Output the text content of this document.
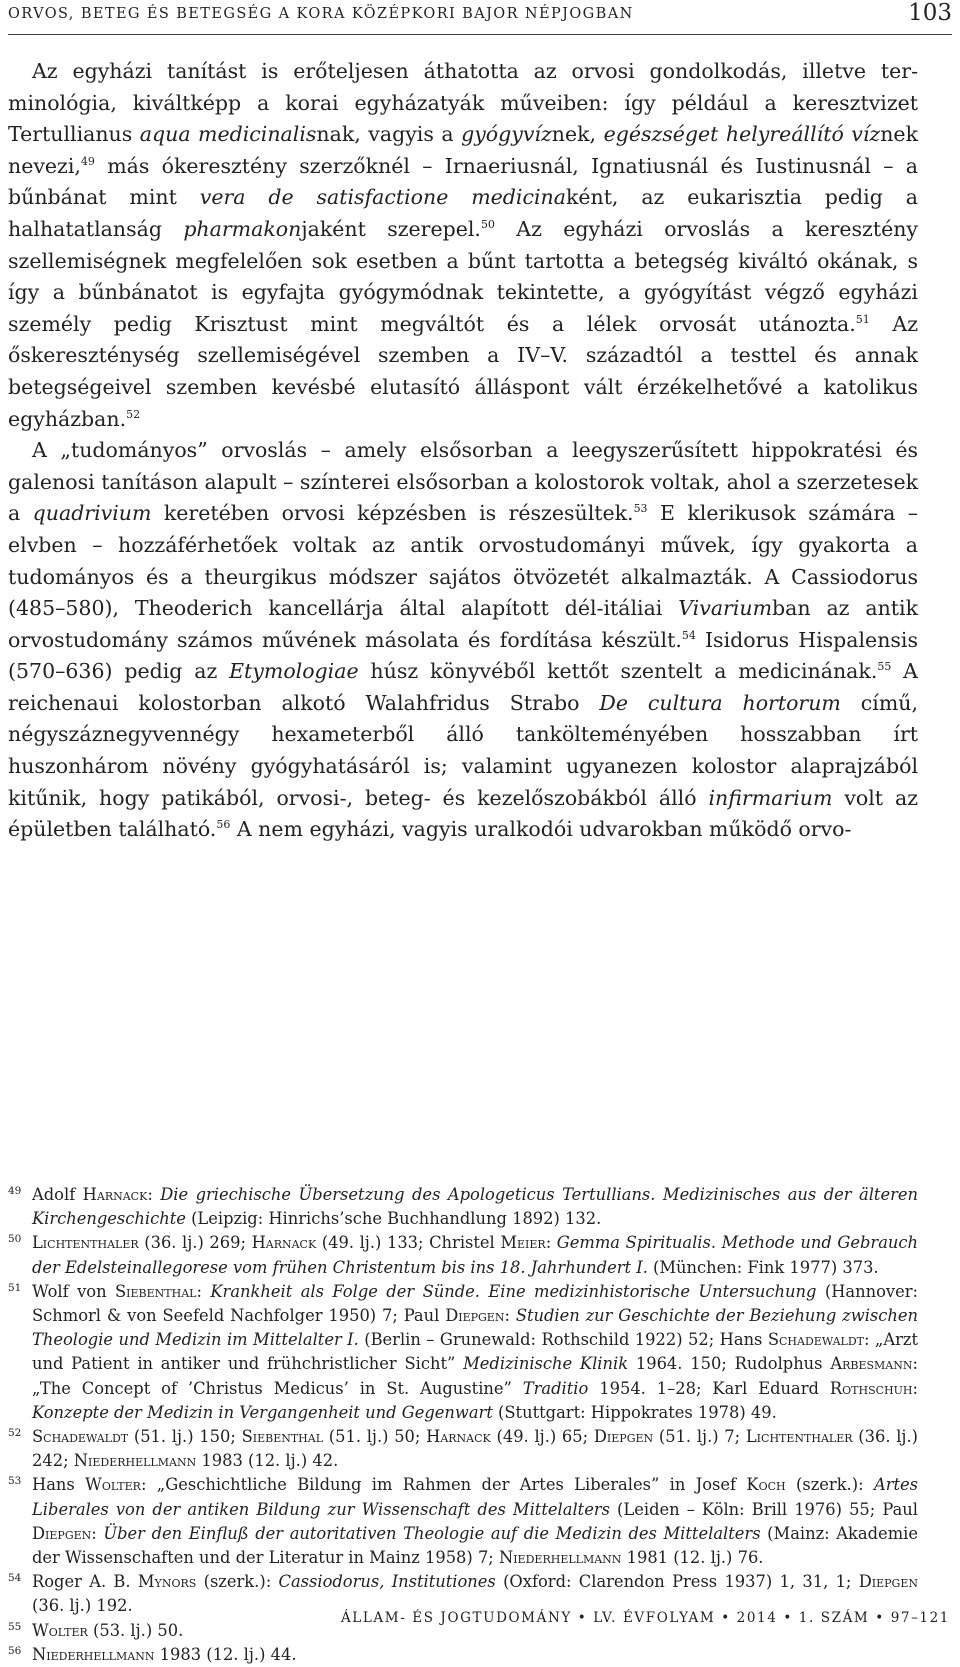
ORVOS, BETEG ÉS BETEGSÉG A KORA KÖZÉPKORI BAJOR NÉPJOGBAN	103

Az egyházi tanítást is erőteljesen áthatotta az orvosi gondolkodás, illetve terminológia, kiváltképp a korai egyházatyák műveiben: így például a keresztvizet Tertullianus aqua medicinalisnak, vagyis a gyógyvíznek, egészséget helyreállító víznek nevezi,$^{49}$ más ókeresztény szerzőknél – Irnaeriusnál, Ignatiusnál és Iustinusnál – a bűnbánat mint vera de satisfactione medicinaként, az eukarisztia pedig a halhatatlanság pharmakonjaként szerepel.$^{50}$ Az egyházi orvoslás a keresztény szellemiségnek megfelelően sok esetben a bűnt tartotta a betegség kiváltó okának, s így a bűnbánatot is egyfajta gyógymódnak tekintette, a gyógyítást végző egyházi személy pedig Krisztust mint megváltót és a lélek orvosát utánozta.$^{51}$ Az őskereszténység szellemiségével szemben a IV–V. századtól a testtel és annak betegségeivel szemben kevésbé elutasító álláspont vált érzékelhetővé a katolikus egyházban.$^{52}$

A „tudományos” orvoslás – amely elsősorban a leegyszerűsített hippokratési és galenosi tanításon alapult – színterei elsősorban a kolostorok voltak, ahol a szerzetesek a quadrivium keretében orvosi képzésben is részesültek.$^{53}$ E klerikusok számára – elvben – hozzáférhetőek voltak az antik orvostudományi művek, így gyakorta a tudományos és a theurgikus módszer sajátos ötvözetét alkalmazták. A Cassiodorus (485–580), Theoderich kancellárja által alapított dél-itáliai Vivariumban az antik orvostudomány számos művének másolata és fordítása készült.$^{54}$ Isidorus Hispalensis (570–636) pedig az Etymologiae húsz könyvéből kettőt szentelt a medicinának.$^{55}$ A reichenaui kolostorban alkotó Walahfridus Strabo De cultura hortorum című, négyszáznegyvennégy hexameterből álló tankölteményében hosszabban írt huszonhárom növény gyógyhatásáról is; valamint ugyanezen kolostor alaprajzából kitűnik, hogy patikából, orvosi-, beteg- és kezelőszobákból álló infirmarium volt az épületben található.$^{56}$ A nem egyházi, vagyis uralkodói udvarokban működő orvo-

49 Adolf Harnack: Die griechische Übersetzung des Apologeticus Tertullians. Medizinisches aus der älteren Kirchengeschichte (Leipzig: Hinrichs’sche Buchhandlung 1892) 132.
50 Lichtenthaler (36. lj.) 269; Harnack (49. lj.) 133; Christel Meier: Gemma Spiritualis. Methode und Gebrauch der Edelsteinallegorese vom frühen Christentum bis ins 18. Jahrhundert I. (München: Fink 1977) 373.
51 Wolf von Siebenthal: Krankheit als Folge der Sünde. Eine medizinhistorische Untersuchung (Hannover: Schmorl & von Seefeld Nachfolger 1950) 7; Paul Diepgen: Studien zur Geschichte der Beziehung zwischen Theologie und Medizin im Mittelalter I. (Berlin – Grunewald: Rothschild 1922) 52; Hans Schadewaldt: „Arzt und Patient in antiker und frühchristlicher Sicht” Medizinische Klinik 1964. 150; Rudolphus Arbesmann: „The Concept of ’Christus Medicus’ in St. Augustine” Traditio 1954. 1–28; Karl Eduard Rothschuh: Konzepte der Medizin in Vergangenheit und Gegenwart (Stuttgart: Hippokrates 1978) 49.
52 Schadewaldt (51. lj.) 150; Siebenthal (51. lj.) 50; Harnack (49. lj.) 65; Diepgen (51. lj.) 7; Lichtenthaler (36. lj.) 242; Niederhellmann 1983 (12. lj.) 42.
53 Hans Wolter: „Geschichtliche Bildung im Rahmen der Artes Liberales” in Josef Koch (szerk.): Artes Liberales von der antiken Bildung zur Wissenschaft des Mittelalters (Leiden – Köln: Brill 1976) 55; Paul Diepgen: Über den Einfluß der autoritativen Theologie auf die Medizin des Mittelalters (Mainz: Akademie der Wissenschaften und der Literatur in Mainz 1958) 7; Niederhellmann 1981 (12. lj.) 76.
54 Roger A. B. Mynors (szerk.): Cassiodorus, Institutiones (Oxford: Clarendon Press 1937) 1, 31, 1; Diepgen (36. lj.) 192.
55 Wolter (53. lj.) 50.
56 Niederhellmann 1983 (12. lj.) 44.
ÁLLAM- ÉS JOGTUDOMÁNY • LV. ÉVFOLYAM • 2014 • 1. SZÁM • 97–121
